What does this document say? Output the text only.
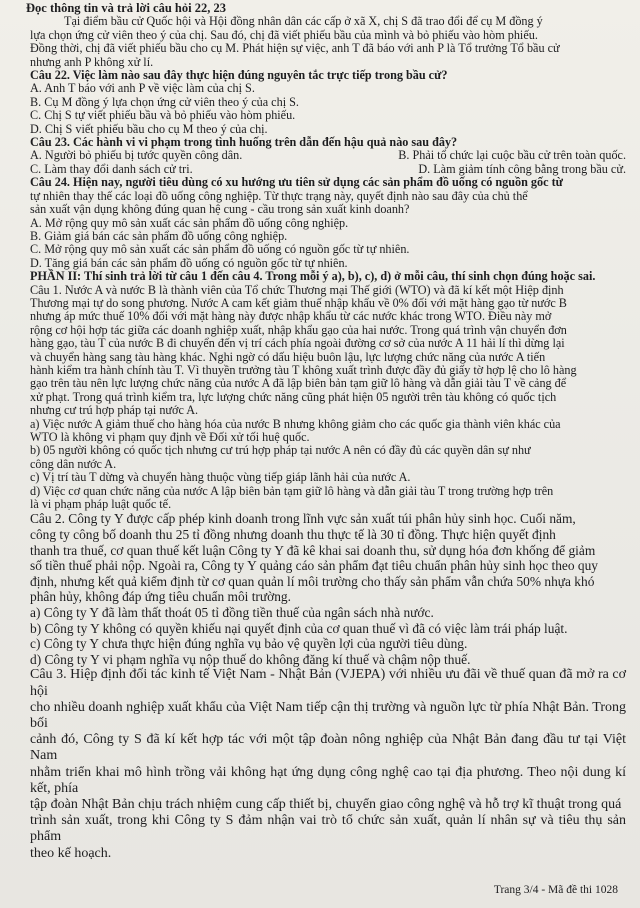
Đọc thông tin và trả lời câu hỏi 22, 23

Tại điểm bầu cử Quốc hội và Hội đồng nhân dân các cấp ở xã X, chị S đã trao đổi để cụ M đồng ý

lựa chọn ứng cử viên theo ý của chị. Sau đó, chị đã viết phiếu bầu của mình và bỏ phiếu vào hòm phiếu.

Đồng thời, chị đã viết phiếu bầu cho cụ M. Phát hiện sự việc, anh T đã báo với anh P là Tổ trưởng Tổ bầu cử

nhưng anh P không xử lí.

Câu 22. Việc làm nào sau đây thực hiện đúng nguyên tắc trực tiếp trong bầu cử?

A. Anh T báo với anh P về việc làm của chị S.

B. Cụ M đồng ý lựa chọn ứng cử viên theo ý của chị S.

C. Chị S tự viết phiếu bầu và bỏ phiếu vào hòm phiếu.

D. Chị S viết phiếu bầu cho cụ M theo ý của chị.

Câu 23. Các hành vi vi phạm trong tình huống trên dẫn đến hậu quả nào sau đây?

A. Người bỏ phiếu bị tước quyền công dân.	B. Phải tổ chức lại cuộc bầu cử trên toàn quốc.
C. Làm thay đổi danh sách cử tri.	D. Làm giảm tính công bằng trong bầu cử.

Câu 24. Hiện nay, người tiêu dùng có xu hướng ưu tiên sử dụng các sản phẩm đồ uống có nguồn gốc từ

tự nhiên thay thế các loại đồ uống công nghiệp. Từ thực trạng này, quyết định nào sau đây của chủ thể

sản xuất vận dụng không đúng quan hệ cung - cầu trong sản xuất kinh doanh?

A. Mở rộng quy mô sản xuất các sản phẩm đồ uống công nghiệp.

B. Giảm giá bán các sản phẩm đồ uống công nghiệp.

C. Mở rộng quy mô sản xuất các sản phẩm đồ uống có nguồn gốc từ tự nhiên.

D. Tăng giá bán các sản phẩm đồ uống có nguồn gốc từ tự nhiên.

PHẦN II: Thí sinh trả lời từ câu 1 đến câu 4. Trong mỗi ý a), b), c), d) ở mỗi câu, thí sinh chọn đúng hoặc sai.

Câu 1. Nước A và nước B là thành viên của Tổ chức Thương mại Thế giới (WTO) và đã kí kết một Hiệp định

Thương mại tự do song phương. Nước A cam kết giảm thuế nhập khẩu về 0% đối với mặt hàng gạo từ nước B

nhưng áp mức thuế 10% đối với mặt hàng này được nhập khẩu từ các nước khác trong WTO. Điều này mở

rộng cơ hội hợp tác giữa các doanh nghiệp xuất, nhập khẩu gạo của hai nước. Trong quá trình vận chuyển đơn

hàng gạo, tàu T của nước B đi chuyển đến vị trí cách phía ngoài đường cơ sở của nước A 11 hải lí thì dừng lại

và chuyển hàng sang tàu hàng khác. Nghi ngờ có dấu hiệu buôn lậu, lực lượng chức năng của nước A tiến

hành kiểm tra hành chính tàu T. Vì thuyền trưởng tàu T không xuất trình được đầy đủ giấy tờ hợp lệ cho lô hàng

gạo trên tàu nên lực lượng chức năng của nước A đã lập biên bản tạm giữ lô hàng và dẫn giải tàu T về cảng để

xử phạt. Trong quá trình kiểm tra, lực lượng chức năng cũng phát hiện 05 người trên tàu không có quốc tịch

nhưng cư trú hợp pháp tại nước A.

a) Việc nước A giảm thuế cho hàng hóa của nước B nhưng không giảm cho các quốc gia thành viên khác của

WTO là không vi phạm quy định về Đối xử tối huệ quốc.

b) 05 người không có quốc tịch nhưng cư trú hợp pháp tại nước A nên có đầy đủ các quyền dân sự như

công dân nước A.

c) Vị trí tàu T dừng và chuyển hàng thuộc vùng tiếp giáp lãnh hải của nước A.

d) Việc cơ quan chức năng của nước A lập biên bản tạm giữ lô hàng và dẫn giải tàu T trong trường hợp trên

là vi phạm pháp luật quốc tế.

Câu 2. Công ty Y được cấp phép kinh doanh trong lĩnh vực sản xuất túi phân hủy sinh học. Cuối năm,

công ty công bố doanh thu 25 tỉ đồng nhưng doanh thu thực tế là 30 tỉ đồng. Thực hiện quyết định

thanh tra thuế, cơ quan thuế kết luận Công ty Y đã kê khai sai doanh thu, sử dụng hóa đơn khống để giảm

số tiền thuế phải nộp. Ngoài ra, Công ty Y quảng cáo sản phẩm đạt tiêu chuẩn phân hủy sinh học theo quy

định, nhưng kết quả kiểm định từ cơ quan quản lí môi trường cho thấy sản phẩm vẫn chứa 50% nhựa khó

phân hủy, không đáp ứng tiêu chuẩn môi trường.

a) Công ty Y đã làm thất thoát 05 tỉ đồng tiền thuế của ngân sách nhà nước.

b) Công ty Y không có quyền khiếu nại quyết định của cơ quan thuế vì đã có việc làm trái pháp luật.

c) Công ty Y chưa thực hiện đúng nghĩa vụ bảo vệ quyền lợi của người tiêu dùng.

d) Công ty Y vi phạm nghĩa vụ nộp thuế do không đăng kí thuế và chậm nộp thuế.

Câu 3. Hiệp định đối tác kinh tế Việt Nam - Nhật Bản (VJEPA) với nhiều ưu đãi về thuế quan đã mở ra cơ hội

cho nhiều doanh nghiệp xuất khẩu của Việt Nam tiếp cận thị trường và nguồn lực từ phía Nhật Bản. Trong bối

cảnh đó, Công ty S đã kí kết hợp tác với một tập đoàn nông nghiệp của Nhật Bản đang đầu tư tại Việt Nam

nhằm triển khai mô hình trồng vải không hạt ứng dụng công nghệ cao tại địa phương. Theo nội dung kí kết, phía

tập đoàn Nhật Bản chịu trách nhiệm cung cấp thiết bị, chuyển giao công nghệ và hỗ trợ kĩ thuật trong quá

trình sản xuất, trong khi Công ty S đảm nhận vai trò tổ chức sản xuất, quản lí nhân sự và tiêu thụ sản phẩm

theo kế hoạch.

Trang 3/4 - Mã đề thi 1028
